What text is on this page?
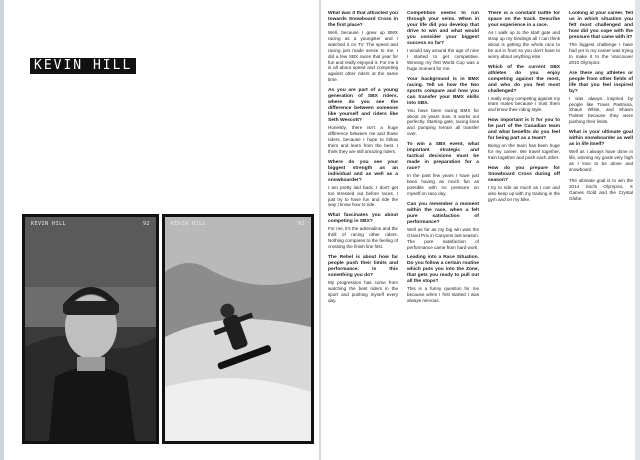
KEVIN HILL
KEVIN HILL	92	KEVIN HILL	92

What was it that attracted you towards Snowboard Cross in the first place?
Well, because I grew up BMX racing as a youngster and I watched it on TV. The speed and racing just made sense to me. I did a few SBX races that year for fun and really enjoyed it. For me it is all about speed and competing against other riders at the same time.

As you are part of a young generation of SBX riders, where do you see the difference between someone like yourself and riders like Seth Wescott?
Honestly, there isn't a huge difference between me and those riders, because I hope to follow them and learn from the best. I think they are still amazing riders.

Where do you see your biggest strength as an individual and as well as a snowboarder?
I am pretty laid back, I don't get too stressed out before races. I just try to have fun and ride the way I know how to ride.

What fascinates you about competing in SBX?
For me, it's the adrenaline and the thrill of racing other riders. Nothing compares to the feeling of crossing the finish line first.

The Rebel is about how far people push their limits and performance. Is this something you do?
My progression has come from watching the best riders in the sport and pushing myself every day.

Competition seems to run through your veins. When in your life did you develop that drive to win and what would you consider your biggest success so far?
I would say around the age of nine I started to get competitive. Winning my first World Cup was a huge moment for me.

Your background is in BMX racing. Tell us how the two sports compare and how you can transfer your BMX skills into SBX.
You have been racing BMX for about 15 years now. It works out perfectly. Starting gate, racing lines and pumping terrain all transfer over.

To win a SBX event, what important strategic and tactical decisions must be made in preparation for a race?
In the past few years I have just been having as much fun as possible with no pressure on myself on race day.

Can you remember a moment within the race, when a felt pure satisfaction of performance?
Well as far as my big win was the Grand Prix in Canyons last season. The pure satisfaction of performance came from hard work.

Leading into a Race Situation. Do you follow a certain routine which puts you into the Zone, that gets you ready to pull out all the stops?
This is a funny question for me because when I first started I was always nervous.

There is a constant battle for space on the track. Describe your experience in a race.
As I walk up to the start gate and strap up my bindings all I can think about is getting the whole race to be out in front so you don't have to worry about anything else.

Which of the current SBX athletes do you enjoy competing against the most, and who do you feel most challenged?
I really enjoy competing against my team mates because I trust them and know their riding style.

How important is it for you to be part of the Canadian team and what benefits do you feel for being part as a team?
Being on the team has been huge for my career. We travel together, train together and push each other.

How do you prepare for Snowboard Cross during off season?
I try to ride as much as I can and also keep up with my training in the gym and on my bike.

Looking at your career. Tell us in which situation you felt most challenged and how did you cope with the pressure that came with it?
The biggest challenge I have had yet in my career was trying to make it to the Vancouver 2010 Olympics.

Are there any athletes or people from other fields of life that you feel inspired by?
I was always inspired by people like Travis Pastrana, Shaun White, and Shawn Palmer because they were pushing their limits.

What is your ultimate goal within snowboarder as well as in life itself?
Well as I always have done in life, winning my goals very high as I love to be alone and snowboard.

The ultimate goal is to win the 2014 Sochi Olympics, X Games Gold and the Crystal Globe.
